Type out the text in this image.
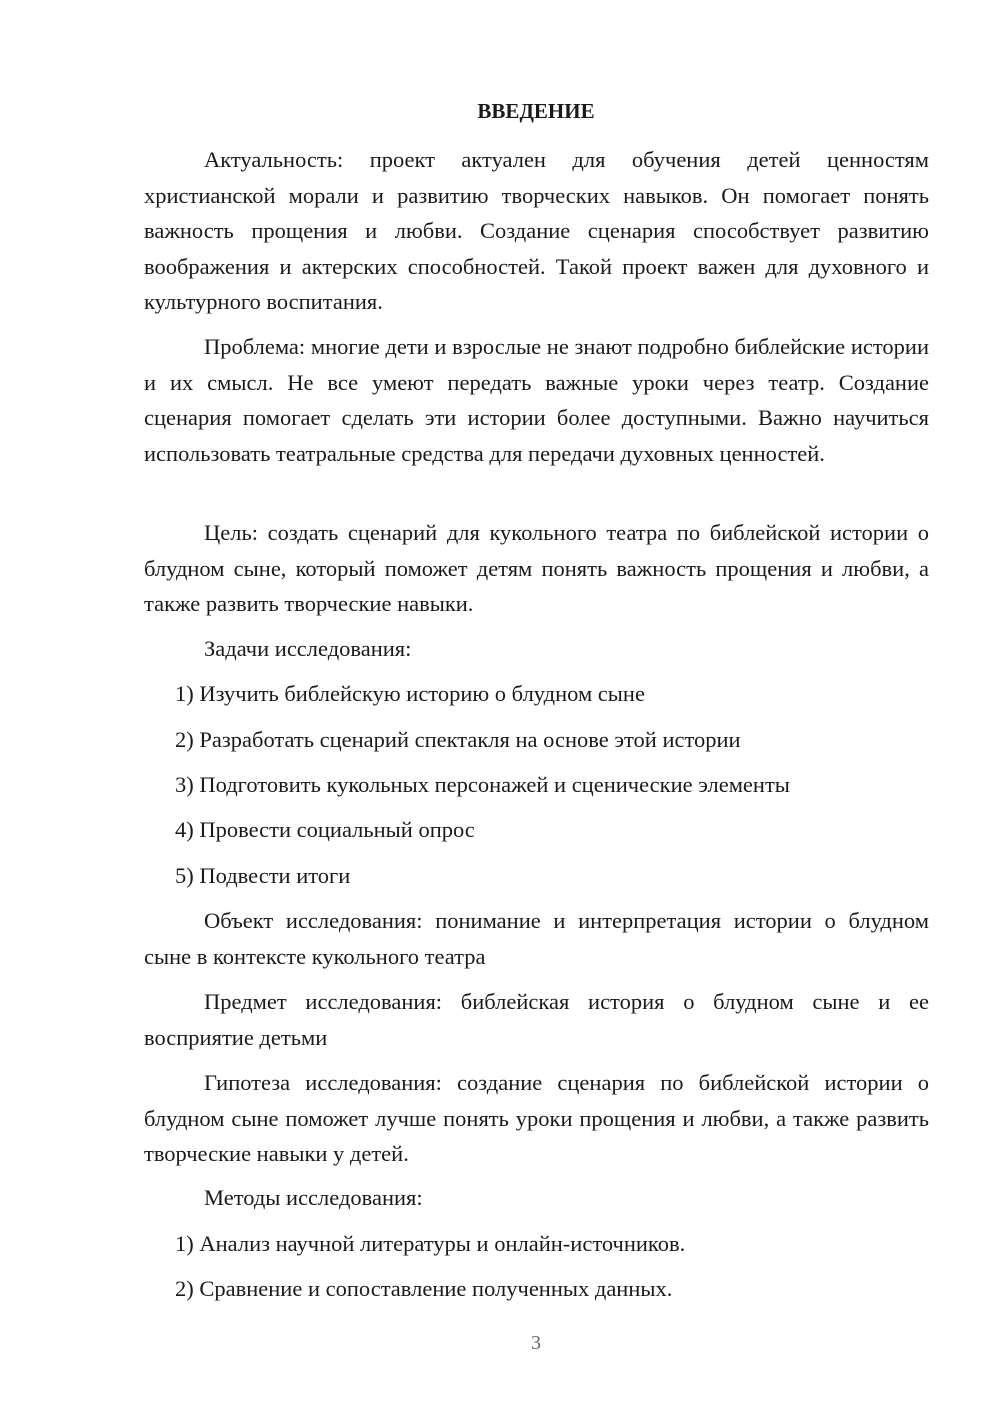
ВВЕДЕНИЕ

Актуальность: проект актуален для обучения детей ценностям христианской морали и развитию творческих навыков. Он помогает понять важность прощения и любви. Создание сценария способствует развитию воображения и актерских способностей. Такой проект важен для духовного и культурного воспитания.

Проблема: многие дети и взрослые не знают подробно библейские истории и их смысл. Не все умеют передать важные уроки через театр. Создание сценария помогает сделать эти истории более доступными. Важно научиться использовать театральные средства для передачи духовных ценностей.

Цель: создать сценарий для кукольного театра по библейской истории о блудном сыне, который поможет детям понять важность прощения и любви, а также развить творческие навыки.

Задачи исследования:

1) Изучить библейскую историю о блудном сыне

2) Разработать сценарий спектакля на основе этой истории

3) Подготовить кукольных персонажей и сценические элементы

4) Провести социальный опрос

5) Подвести итоги

Объект исследования: понимание и интерпретация истории о блудном сыне в контексте кукольного театра

Предмет исследования: библейская история о блудном сыне и ее восприятие детьми

Гипотеза исследования: создание сценария по библейской истории о блудном сыне поможет лучше понять уроки прощения и любви, а также развить творческие навыки у детей.

Методы исследования:

1) Анализ научной литературы и онлайн-источников.

2) Сравнение и сопоставление полученных данных.

3
